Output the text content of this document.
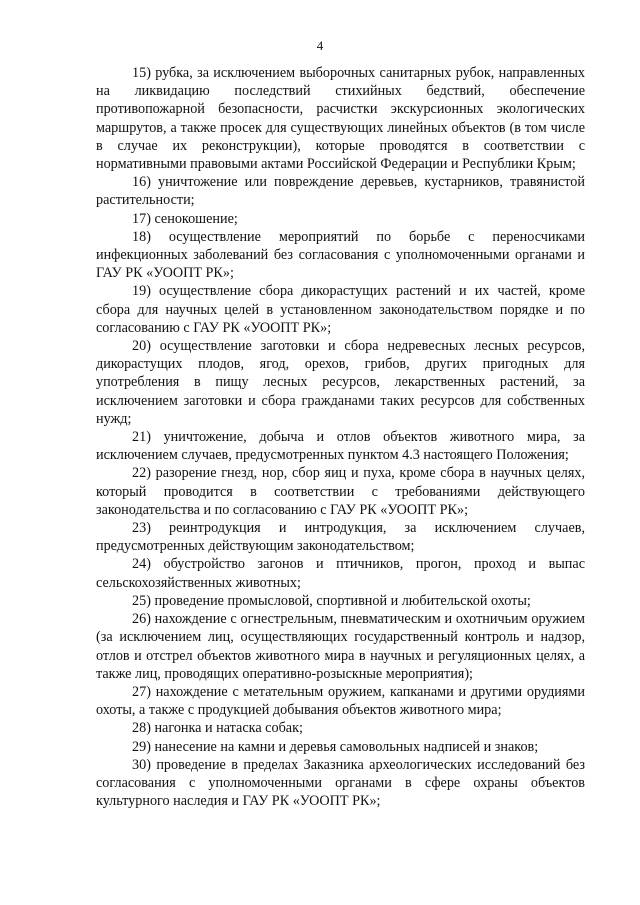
4

15) рубка, за исключением выборочных санитарных рубок, направленных на ликвидацию последствий стихийных бедствий, обеспечение противопожарной безопасности, расчистки экскурсионных экологических маршрутов, а также просек для существующих линейных объектов (в том числе в случае их реконструкции), которые проводятся в соответствии с нормативными правовыми актами Российской Федерации и Республики Крым;

16) уничтожение или повреждение деревьев, кустарников, травянистой растительности;

17) сенокошение;

18) осуществление мероприятий по борьбе с переносчиками инфекционных заболеваний без согласования с уполномоченными органами и ГАУ РК «УООПТ РК»;

19) осуществление сбора дикорастущих растений и их частей, кроме сбора для научных целей в установленном законодательством порядке и по согласованию с ГАУ РК «УООПТ РК»;

20) осуществление заготовки и сбора недревесных лесных ресурсов, дикорастущих плодов, ягод, орехов, грибов, других пригодных для употребления в пищу лесных ресурсов, лекарственных растений, за исключением заготовки и сбора гражданами таких ресурсов для собственных нужд;

21) уничтожение, добыча и отлов объектов животного мира, за исключением случаев, предусмотренных пунктом 4.3 настоящего Положения;

22) разорение гнезд, нор, сбор яиц и пуха, кроме сбора в научных целях, который проводится в соответствии с требованиями действующего законодательства и по согласованию с ГАУ РК «УООПТ РК»;

23) реинтродукция и интродукция, за исключением случаев, предусмотренных действующим законодательством;

24) обустройство загонов и птичников, прогон, проход и выпас сельскохозяйственных животных;

25) проведение промысловой, спортивной и любительской охоты;

26) нахождение с огнестрельным, пневматическим и охотничьим оружием (за исключением лиц, осуществляющих государственный контроль и надзор, отлов и отстрел объектов животного мира в научных и регуляционных целях, а также лиц, проводящих оперативно-розыскные мероприятия);

27) нахождение с метательным оружием, капканами и другими орудиями охоты, а также с продукцией добывания объектов животного мира;

28) нагонка и натаска собак;

29) нанесение на камни и деревья самовольных надписей и знаков;

30) проведение в пределах Заказника археологических исследований без согласования с уполномоченными органами в сфере охраны объектов культурного наследия и ГАУ РК «УООПТ РК»;
